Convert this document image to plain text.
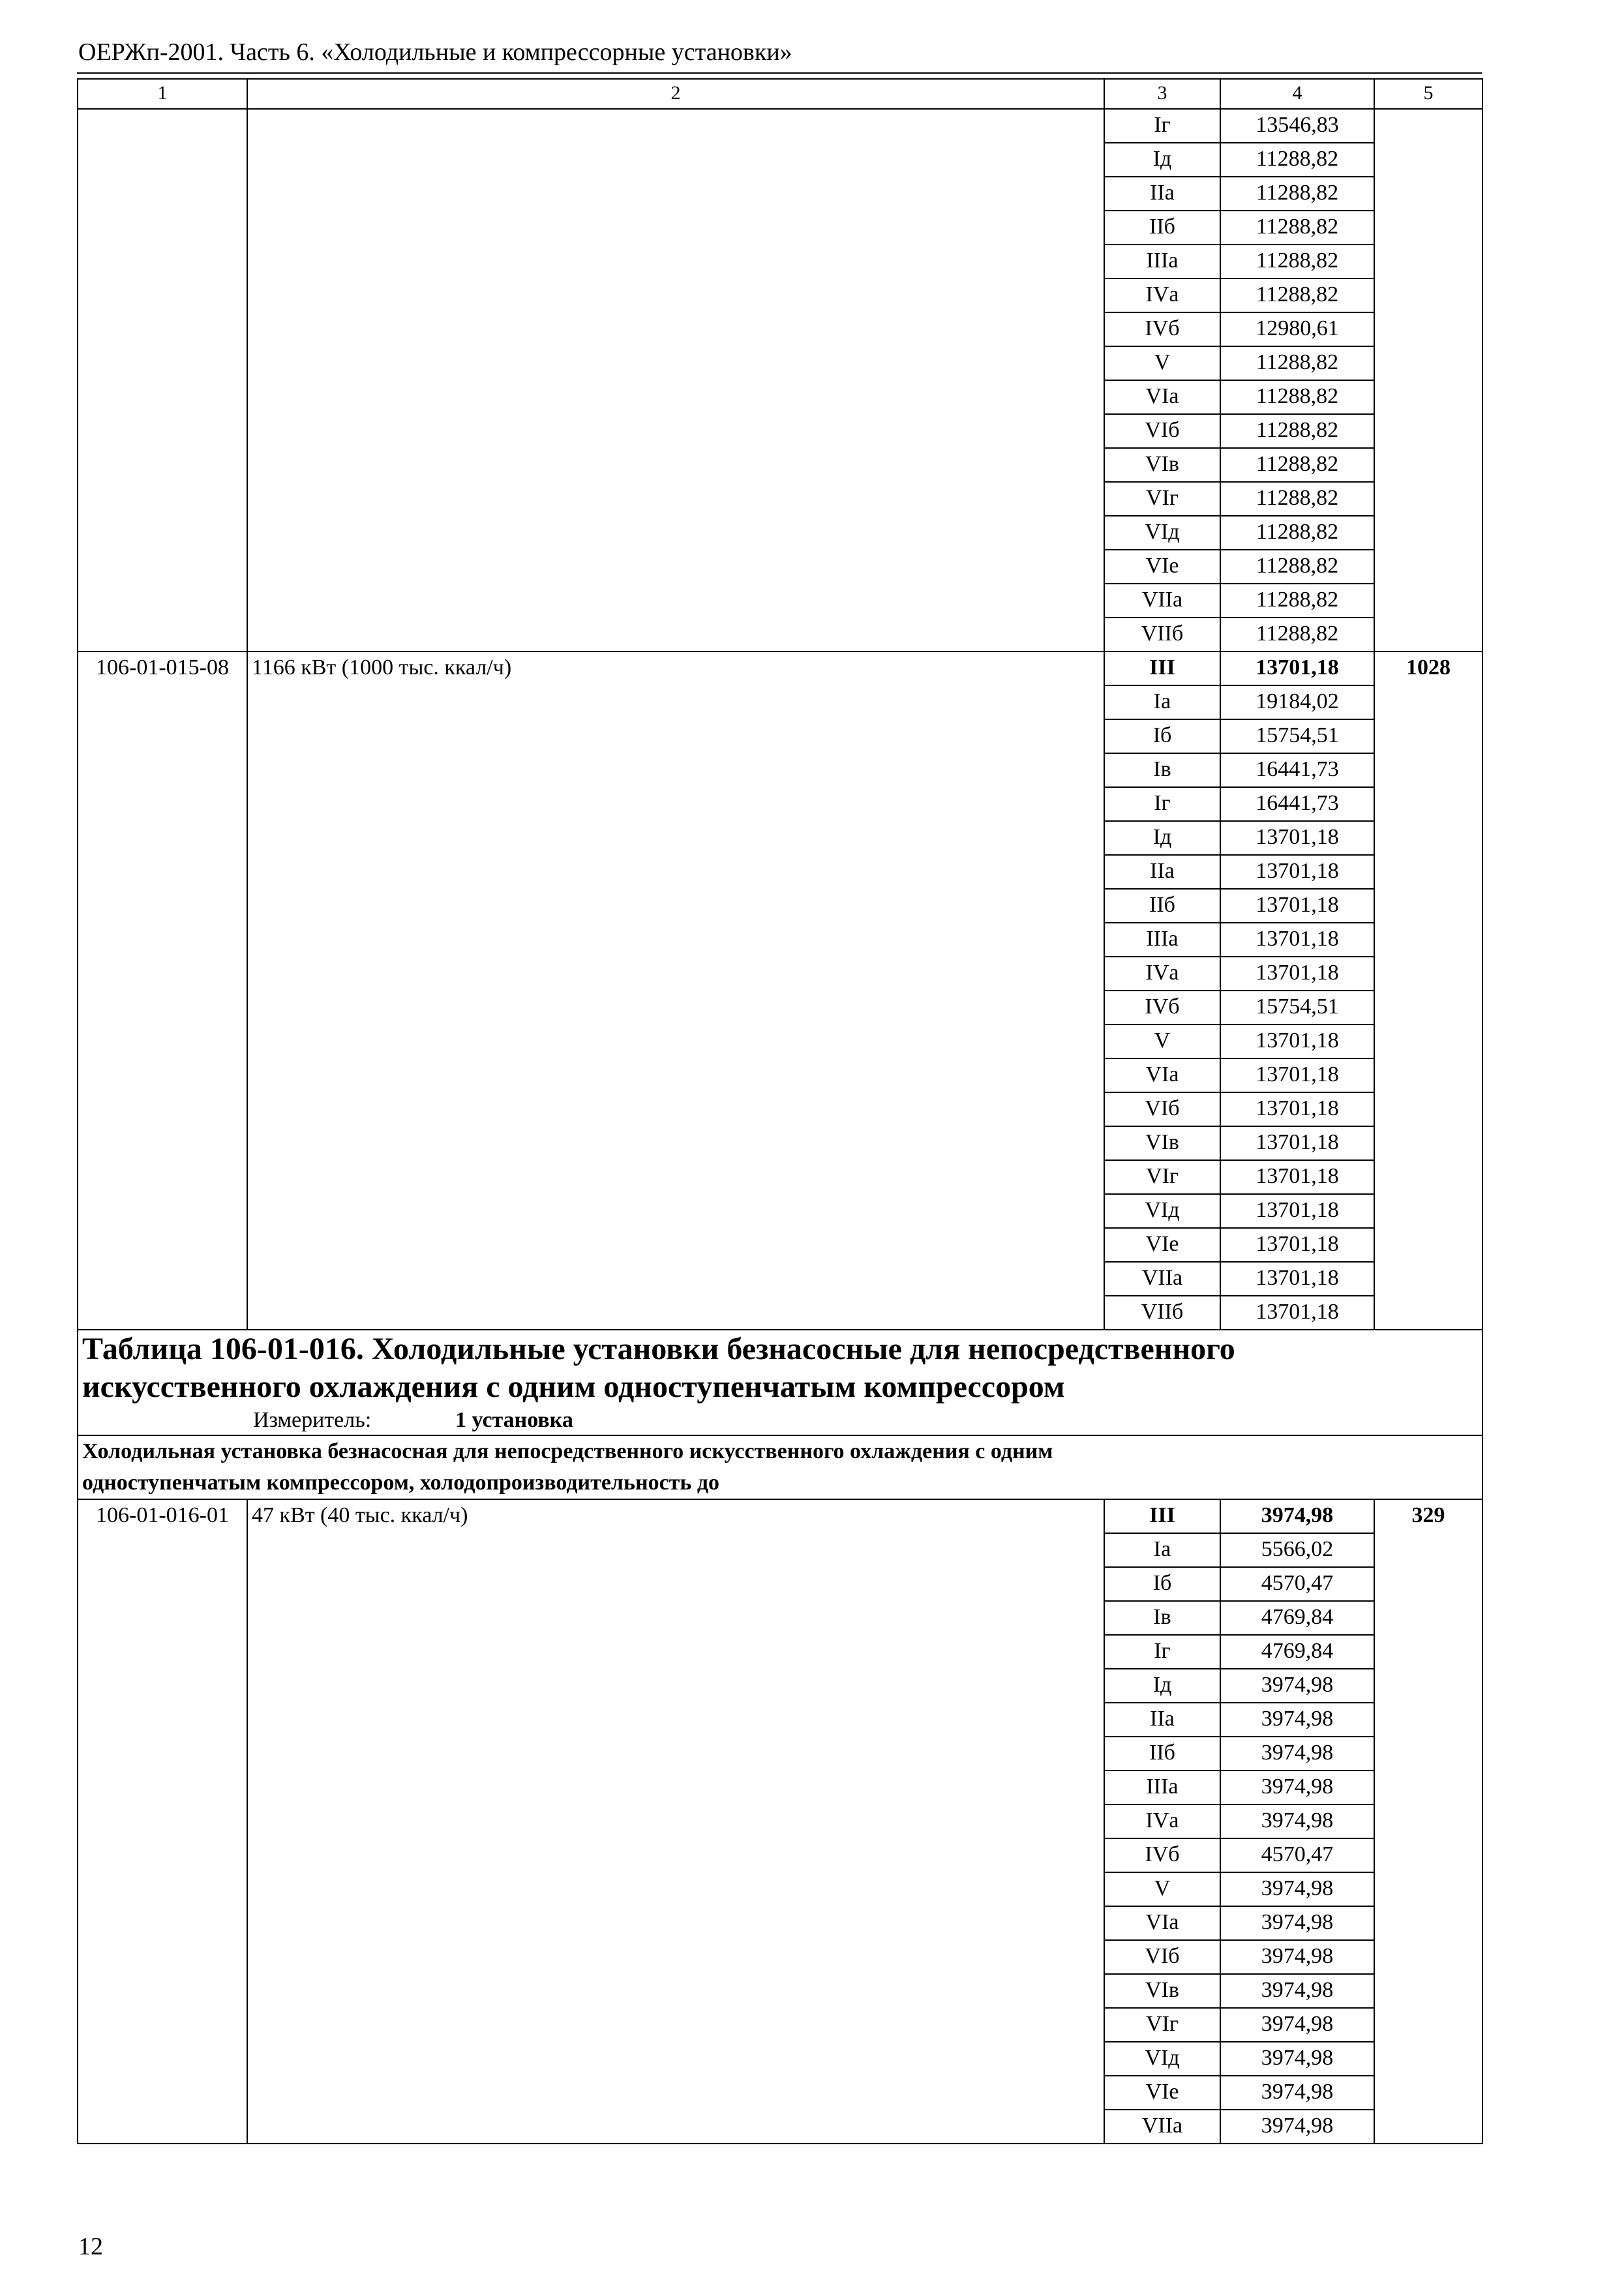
ОЕРЖп-2001. Часть 6. «Холодильные и компрессорные установки»
1	2	3	4	5
		Iг	13546,83	
		Iд	11288,82	
		IIа	11288,82	
		IIб	11288,82	
		IIIа	11288,82	
		IVа	11288,82	
		IVб	12980,61	
		V	11288,82	
		VIа	11288,82	
		VIб	11288,82	
		VIв	11288,82	
		VIг	11288,82	
		VIд	11288,82	
		VIе	11288,82	
		VIIа	11288,82	
		VIIб	11288,82	
106-01-015-08	1166 кВт (1000 тыс. ккал/ч)	III	13701,18	1028
		Iа	19184,02	
		Iб	15754,51	
		Iв	16441,73	
		Iг	16441,73	
		Iд	13701,18	
		IIа	13701,18	
		IIб	13701,18	
		IIIа	13701,18	
		IVа	13701,18	
		IVб	15754,51	
		V	13701,18	
		VIа	13701,18	
		VIб	13701,18	
		VIв	13701,18	
		VIг	13701,18	
		VIд	13701,18	
		VIе	13701,18	
		VIIа	13701,18	
		VIIб	13701,18	

Таблица 106-01-016. Холодильные установки безнасосные для непосредственного
искусственного охлаждения с одним одноступенчатым компрессором
Измеритель: 1 установка				

Холодильная установка безнасосная для непосредственного искусственного охлаждения с одним
одноступенчатым компрессором, холодопроизводительность до				

106-01-016-01	47 кВт (40 тыс. ккал/ч)	III	3974,98	329
		Iа	5566,02	
		Iб	4570,47	
		Iв	4769,84	
		Iг	4769,84	
		Iд	3974,98	
		IIа	3974,98	
		IIб	3974,98	
		IIIа	3974,98	
		IVа	3974,98	
		IVб	4570,47	
		V	3974,98	
		VIа	3974,98	
		VIб	3974,98	
		VIв	3974,98	
		VIг	3974,98	
		VIд	3974,98	
		VIе	3974,98	
		VIIа	3974,98	
12
